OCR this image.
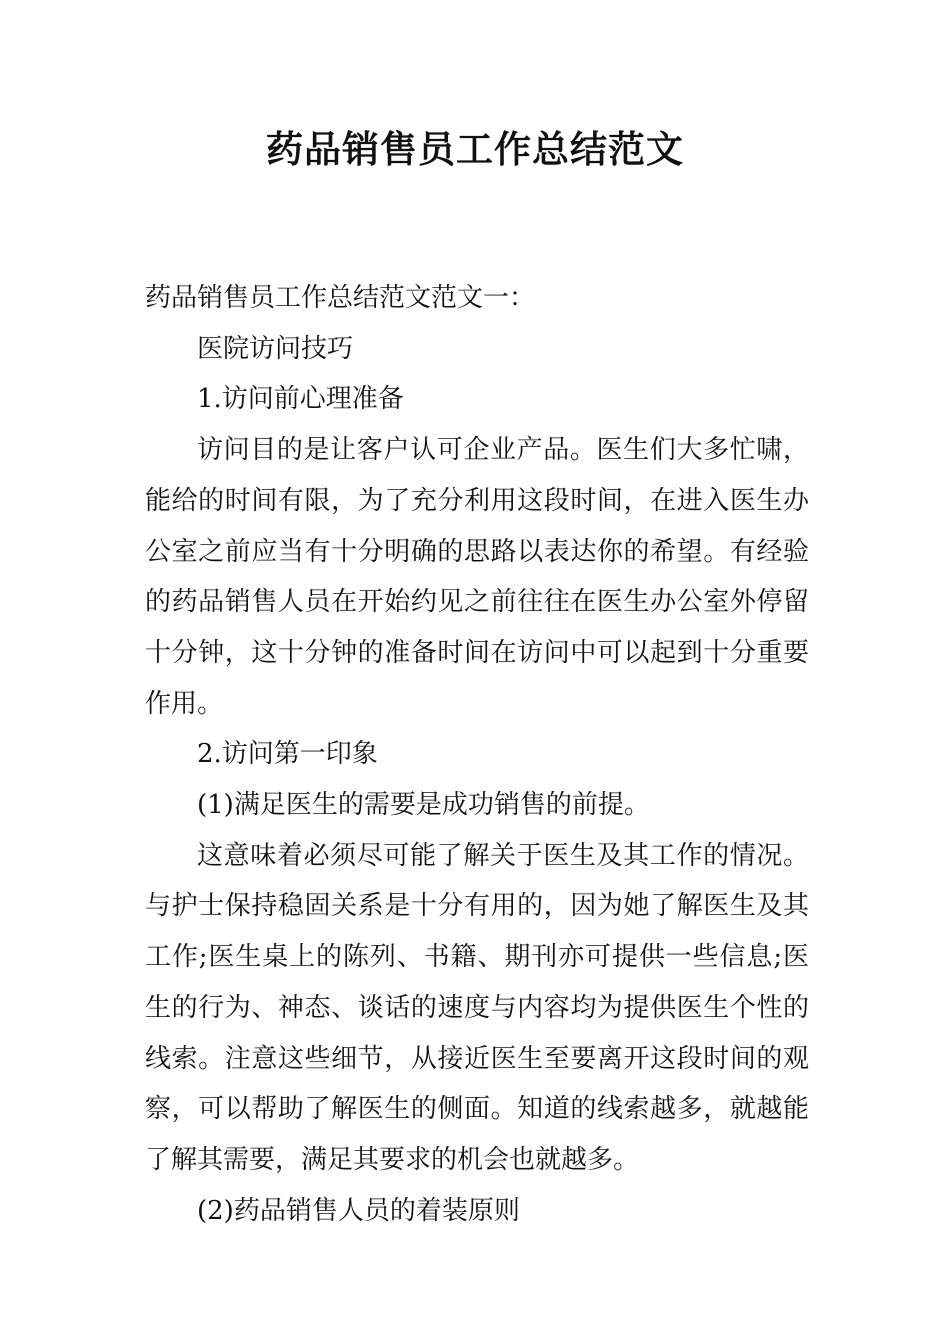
药品销售员工作总结范文

药品销售员工作总结范文范文一：

医院访问技巧

1.访问前心理准备

访问目的是让客户认可企业产品。医生们大多忙啸，能给的时间有限，为了充分利用这段时间，在进入医生办公室之前应当有十分明确的思路以表达你的希望。有经验的药品销售人员在开始约见之前往往在医生办公室外停留十分钟，这十分钟的准备时间在访问中可以起到十分重要作用。

2.访问第一印象

(1)满足医生的需要是成功销售的前提。

这意味着必须尽可能了解关于医生及其工作的情况。与护士保持稳固关系是十分有用的，因为她了解医生及其工作;医生桌上的陈列、书籍、期刊亦可提供一些信息;医生的行为、神态、谈话的速度与内容均为提供医生个性的线索。注意这些细节，从接近医生至要离开这段时间的观察，可以帮助了解医生的侧面。知道的线索越多，就越能了解其需要，满足其要求的机会也就越多。

(2)药品销售人员的着装原则
